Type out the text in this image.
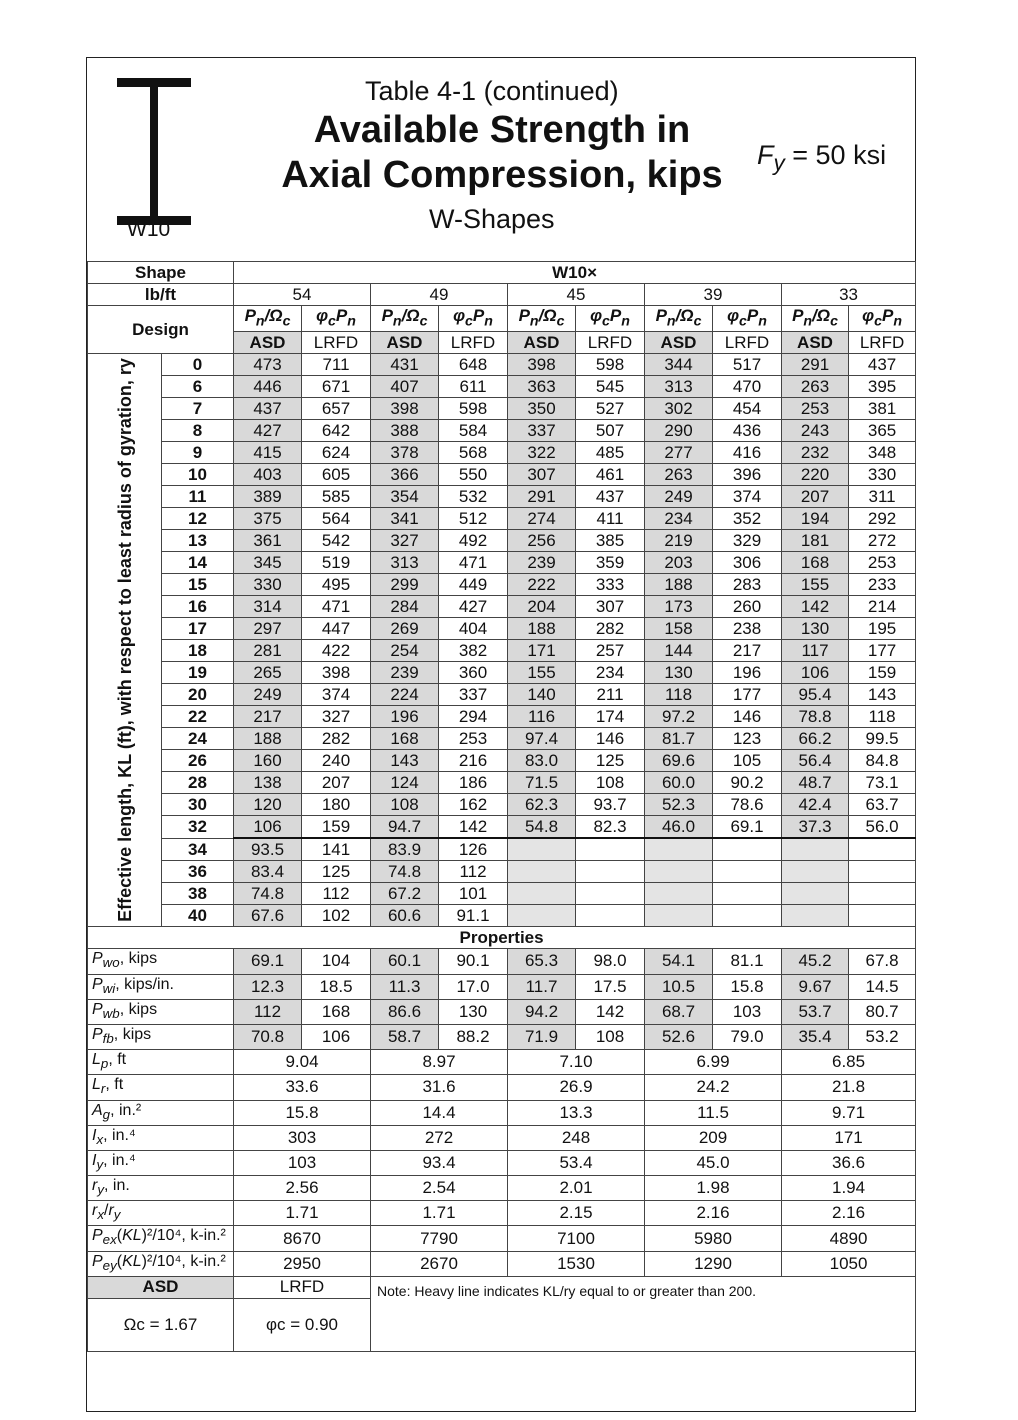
W10
Table 4-1 (continued)
Available Strength in
Axial Compression, kips
W-Shapes
$F_y = 50$ ksi
Shape		W10×									
lb/ft		54		49		45		39		33	
Design		$P_n/\Omega_c$	$\varphi_cP_n$	$P_n/\Omega_c$	$\varphi_cP_n$	$P_n/\Omega_c$	$\varphi_cP_n$	$P_n/\Omega_c$	$\varphi_cP_n$	$P_n/\Omega_c$	$\varphi_cP_n$
		ASD	LRFD	ASD	LRFD	ASD	LRFD	ASD	LRFD	ASD	LRFD

Effective length, KL (ft), with respect to least radius of gyration, ry	0	473	711	431	648	398	598	344	517	291	437
	6	446	671	407	611	363	545	313	470	263	395
	7	437	657	398	598	350	527	302	454	253	381
	8	427	642	388	584	337	507	290	436	243	365
	9	415	624	378	568	322	485	277	416	232	348
	10	403	605	366	550	307	461	263	396	220	330
	11	389	585	354	532	291	437	249	374	207	311
	12	375	564	341	512	274	411	234	352	194	292
	13	361	542	327	492	256	385	219	329	181	272
	14	345	519	313	471	239	359	203	306	168	253
	15	330	495	299	449	222	333	188	283	155	233
	16	314	471	284	427	204	307	173	260	142	214
	17	297	447	269	404	188	282	158	238	130	195
	18	281	422	254	382	171	257	144	217	117	177
	19	265	398	239	360	155	234	130	196	106	159
	20	249	374	224	337	140	211	118	177	95.4	143
	22	217	327	196	294	116	174	97.2	146	78.8	118
	24	188	282	168	253	97.4	146	81.7	123	66.2	99.5
	26	160	240	143	216	83.0	125	69.6	105	56.4	84.8
	28	138	207	124	186	71.5	108	60.0	90.2	48.7	73.1
	30	120	180	108	162	62.3	93.7	52.3	78.6	42.4	63.7
	32	106	159	94.7	142	54.8	82.3	46.0	69.1	37.3	56.0
	34	93.5	141	83.9	126						
	36	83.4	125	74.8	112						
	38	74.8	112	67.2	101						
	40	67.6	102	60.6	91.1						
Properties											
$P_{wo}$, kips		69.1	104	60.1	90.1	65.3	98.0	54.1	81.1	45.2	67.8
$P_{wi}$, kips/in.		12.3	18.5	11.3	17.0	11.7	17.5	10.5	15.8	9.67	14.5
$P_{wb}$, kips		112	168	86.6	130	94.2	142	68.7	103	53.7	80.7
$P_{fb}$, kips		70.8	106	58.7	88.2	71.9	108	52.6	79.0	35.4	53.2
$L_p$, ft		9.04		8.97		7.10		6.99		6.85	
$L_r$, ft		33.6		31.6		26.9		24.2		21.8	
$A_g$, in.²		15.8		14.4		13.3		11.5		9.71	
$I_x$, in.⁴		303		272		248		209		171	
$I_y$, in.⁴		103		93.4		53.4		45.0		36.6	
$r_y$, in.		2.56		2.54		2.01		1.98		1.94	
$r_x/r_y$		1.71		1.71		2.15		2.16		2.16	
$P_{ex}(KL)^2/10^4$, k-in.²		8670		7790		7100		5980		4890	
$P_{ey}(KL)^2/10^4$, k-in.²		2950		2670		1530		1290		1050	
ASD		LRFD		Note: Heavy line indicates KL/ry equal to or greater than 200.							
Ωc = 1.67		φc = 0.90									
